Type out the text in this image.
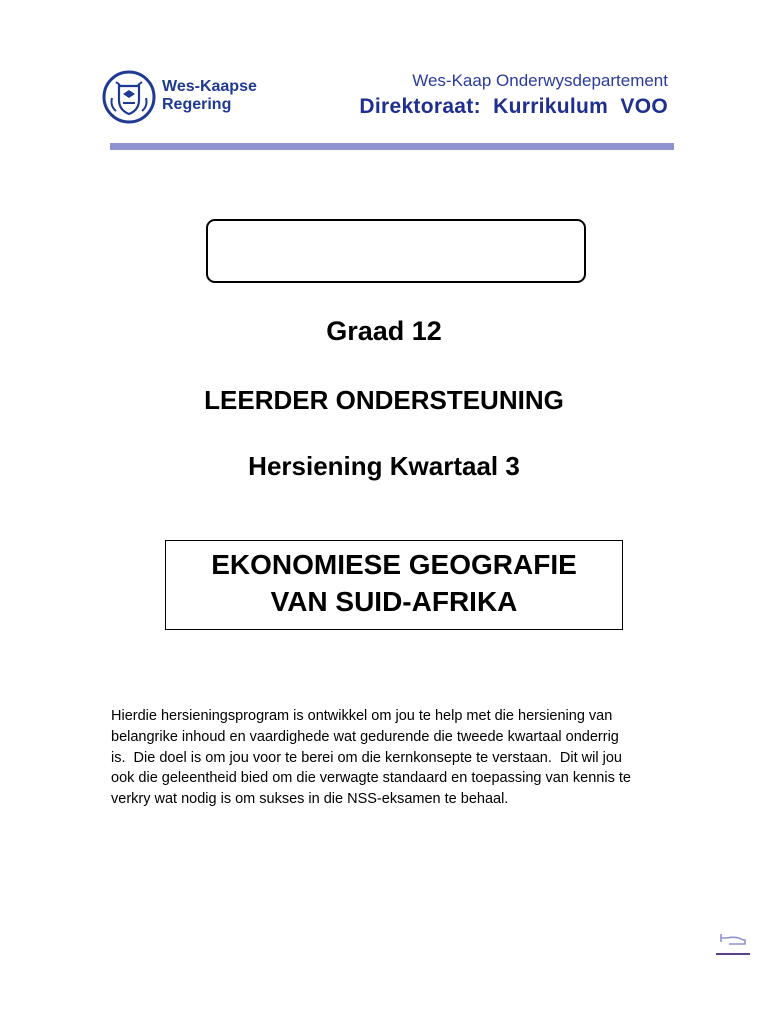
Wes-Kaapse
Regering
Wes-Kaap Onderwysdepartement
Direktoraat:  Kurrikulum  VOO
Graad 12
LEERDER ONDERSTEUNING
Hersiening Kwartaal 3
EKONOMIESE GEOGRAFIE
VAN SUID-AFRIKA
Hierdie hersieningsprogram is ontwikkel om jou te help met die hersiening van
belangrike inhoud en vaardighede wat gedurende die tweede kwartaal onderrig
is.  Die doel is om jou voor te berei om die kernkonsepte te verstaan.  Dit wil jou
ook die geleentheid bied om die verwagte standaard en toepassing van kennis te
verkry wat nodig is om sukses in die NSS-eksamen te behaal.
